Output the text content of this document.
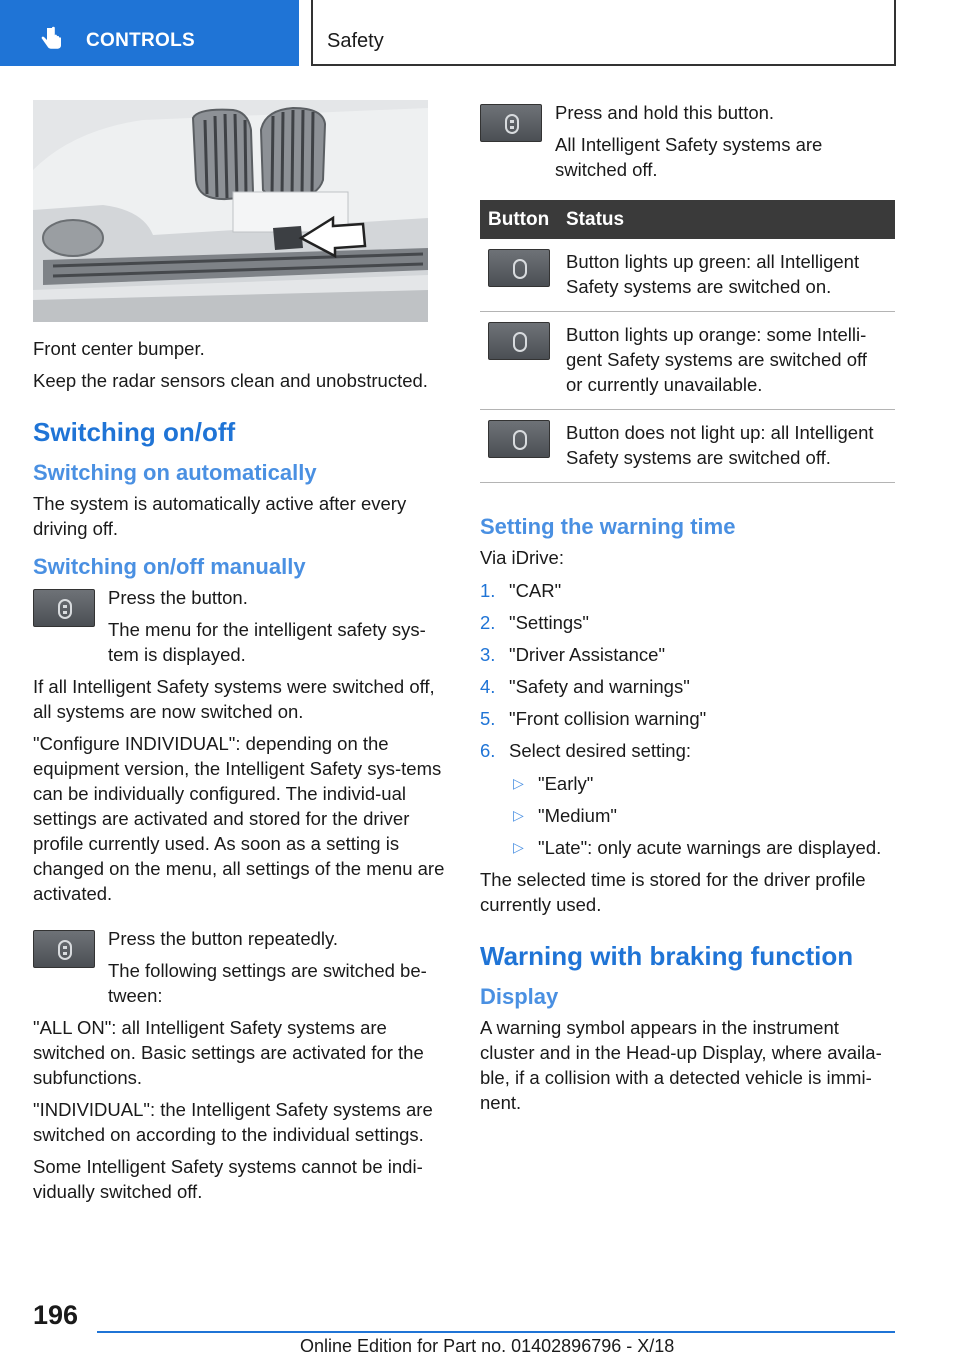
CONTROLS	Safety

Front center bumper.

Keep the radar sensors clean and unobstructed.

Switching on/off
Switching on automatically

The system is automatically active after every driving off.

Switching on/off manually

Press the button.

The menu for the intelligent safety sys‐tem is displayed.

If all Intelligent Safety systems were switched off, all systems are now switched on.

"Configure INDIVIDUAL": depending on the equipment version, the Intelligent Safety sys‐tems can be individually configured. The individ‐ual settings are activated and stored for the driver profile currently used. As soon as a setting is changed on the menu, all settings of the menu are activated.

Press the button repeatedly.

The following settings are switched be‐tween:

"ALL ON": all Intelligent Safety systems are switched on. Basic settings are activated for the subfunctions.

"INDIVIDUAL": the Intelligent Safety systems are switched on according to the individual settings.

Some Intelligent Safety systems cannot be indi‐vidually switched off.

Press and hold this button.

All Intelligent Safety systems are switched off.

Button	Status

	Button lights up green: all Intelligent Safety systems are switched on.

	Button lights up orange: some Intelli‐gent Safety systems are switched off or currently unavailable.

	Button does not light up: all Intelligent Safety systems are switched off.
Setting the warning time

Via iDrive:

1. "CAR"
2. "Settings"
3. "Driver Assistance"
4. "Safety and warnings"
5. "Front collision warning"
6. Select desired setting:
▷ "Early"
▷ "Medium"
▷ "Late": only acute warnings are displayed.

The selected time is stored for the driver profile currently used.

Warning with braking function
Display

A warning symbol appears in the instrument cluster and in the Head-up Display, where availa‐ble, if a collision with a detected vehicle is immi‐nent.

196
Online Edition for Part no. 01402896796 - X/18
